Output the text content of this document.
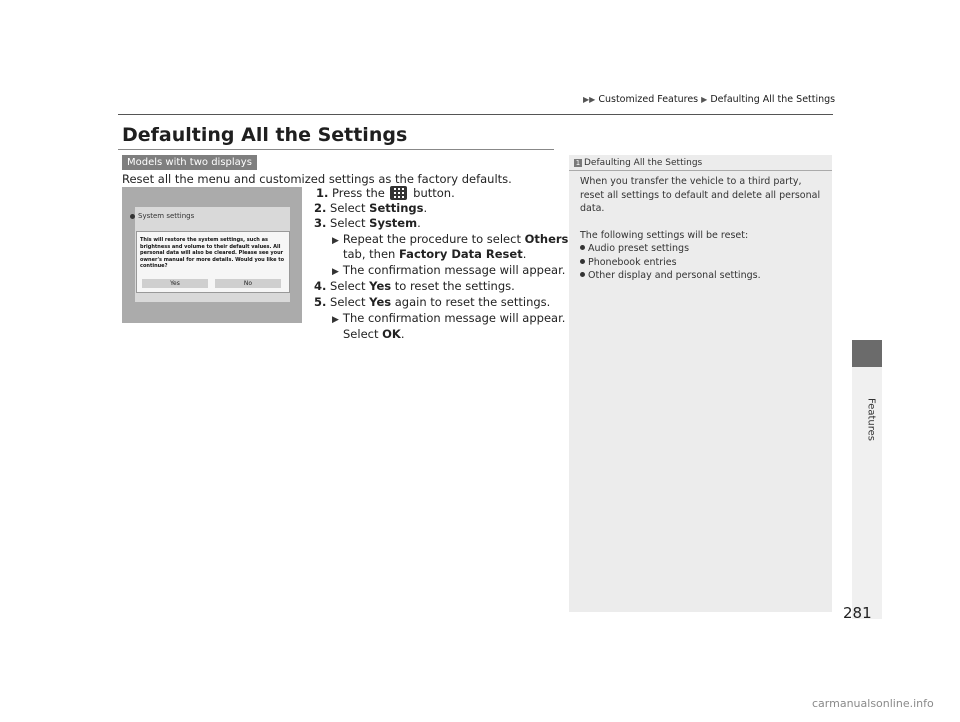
▶▶ Customized Features ▶ Defaulting All the Settings
Features
Defaulting All the Settings
Models with two displays
Reset all the menu and customized settings as the factory defaults.
System settings
This will restore the system settings, such as brightness and volume to their default values. All personal data will also be cleared. Please see your owner's manual for more details. Would you like to continue?
Yes	No
1. Press the button.
2. Select Settings.
3. Select System.
▶ Repeat the procedure to select Others
tab, then Factory Data Reset.
▶ The confirmation message will appear.
4. Select Yes to reset the settings.
5. Select Yes again to reset the settings.
▶ The confirmation message will appear.
Select OK.
1 Defaulting All the Settings

When you transfer the vehicle to a third party, reset all settings to default and delete all personal data.

The following settings will be reset:
Audio preset settings
Phonebook entries
Other display and personal settings.
281
carmanualsonline.info
